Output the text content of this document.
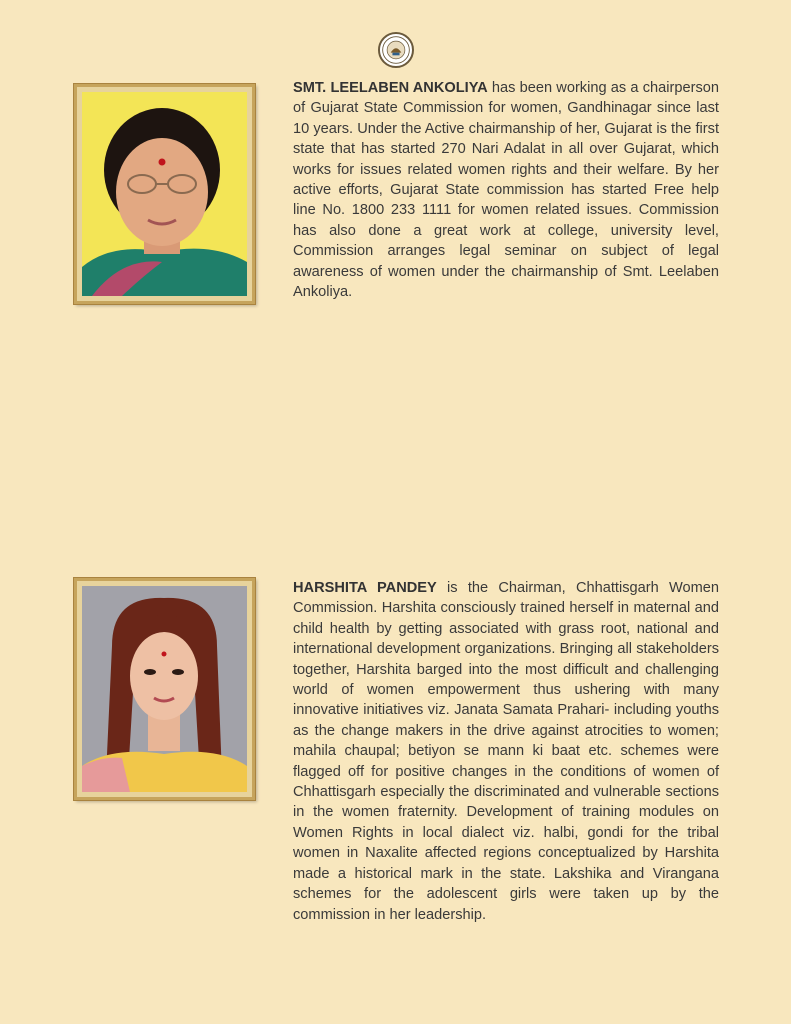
SMT. LEELABEN ANKOLIYA has been working as a chairperson of Gujarat State Commission for women, Gandhinagar since last 10 years. Under the Active chairmanship of her, Gujarat is the first state that has started 270 Nari Adalat in all over Gujarat, which works for issues related women rights and their welfare. By her active efforts, Gujarat State commission has started Free help line No. 1800 233 1111 for women related issues. Commission has also done a great work at college, university level, Commission arranges legal seminar on subject of legal awareness of women under the chairmanship of Smt. Leelaben Ankoliya.

HARSHITA PANDEY is the Chairman, Chhattisgarh Women Commission. Harshita consciously trained herself in maternal and child health by getting associated with grass root, national and international development organizations. Bringing all stakeholders together, Harshita barged into the most difficult and challenging world of women empowerment thus ushering with many innovative initiatives viz. Janata Samata Prahari- including youths as the change makers in the drive against atrocities to women; mahila chaupal; betiyon se mann ki baat etc. schemes were flagged off for positive changes in the conditions of women of Chhattisgarh especially the discriminated and vulnerable sections in the women fraternity. Development of training modules on Women Rights in local dialect viz. halbi, gondi for the tribal women in Naxalite affected regions conceptualized by Harshita made a historical mark in the state. Lakshika and Virangana schemes for the adolescent girls were taken up by the commission in her leadership.
